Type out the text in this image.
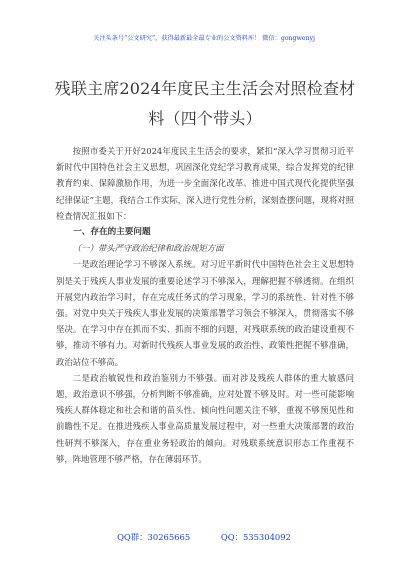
关注头条号“公文研究”，获得最新最全最专业的公文资料库！ 微信：gongwenyj
残联主席2024年度民主生活会对照检查材
料（四个带头）

按照市委关于开好2024年度民主生活会的要求，紧扣“深入学习贯彻习近平新时代中国特色社会主义思想，巩固深化党纪学习教育成果，综合发挥党的纪律教育约束、保障激励作用，为进一步全面深化改革、推进中国式现代化提供坚强纪律保证”主题，我结合工作实际，深入进行党性分析，深刻查摆问题，现将对照检查情况汇报如下：

一、存在的主要问题

（一）带头严守政治纪律和政治规矩方面

一是政治理论学习不够深入系统。对习近平新时代中国特色社会主义思想特别是关于残疾人事业发展的重要论述学习不够深入，理解把握不够透彻。在组织开展党内政治学习时，存在完成任务式的学习现象，学习的系统性、针对性不够强。对党中央关于残疾人事业发展的决策部署学习领会不够深入，贯彻落实不够坚决。在学习中存在抓而不实、抓而不细的问题，对残联系统的政治建设重视不够，推动不够有力。对新时代残疾人事业发展的政治性、政策性把握不够准确，政治站位不够高。

二是政治敏锐性和政治鉴别力不够强。面对涉及残疾人群体的重大敏感问题，政治意识不够强，分析判断不够准确，应对处置不够及时。对一些可能影响残疾人群体稳定和社会和谐的苗头性、倾向性问题关注不够，重视不够预见性和前瞻性不足。在推进残疾人事业高质量发展过程中，对一些重大决策部署的政治性研判不够深入，存在重业务轻政治的倾向。对残联系统意识形态工作重视不够，阵地管理不够严格，存在薄弱环节。

QQ群：30265665	QQ：535304092
